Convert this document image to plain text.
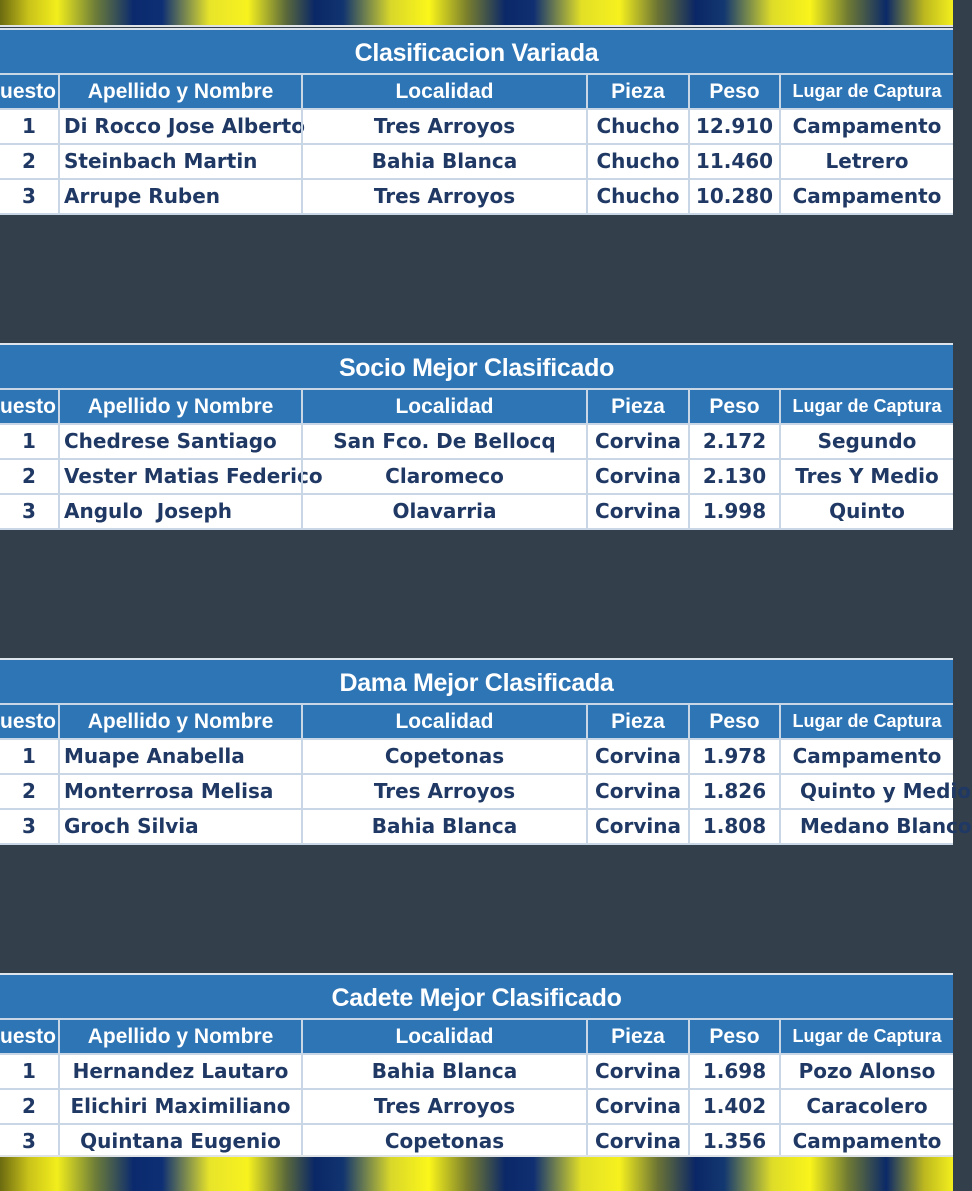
Clasificacion Variada
uesto	Apellido y Nombre	Localidad	Pieza	Peso	Lugar de Captura
1	Di Rocco Jose Alberto	Tres Arroyos	Chucho 12.910 Campamento
2	Steinbach Martin	Bahia Blanca	Chucho 11.460	Letrero
3	Arrupe Ruben	Tres Arroyos	Chucho 10.280 Campamento
Socio Mejor Clasificado
uesto	Apellido y Nombre	Localidad	Pieza	Peso	Lugar de Captura
1	Chedrese Santiago	San Fco. De Bellocq	Corvina	2.172	Segundo
2	Vester Matias Federico	Claromeco	Corvina	2.130	Tres Y Medio
3	Angulo  Joseph	Olavarria	Corvina	1.998	Quinto
Dama Mejor Clasificada
uesto	Apellido y Nombre	Localidad	Pieza	Peso	Lugar de Captura
1	Muape Anabella	Copetonas	Corvina	1.978	Campamento
2	Monterrosa Melisa	Tres Arroyos	Corvina	1.826	Quinto y Medio
3	Groch Silvia	Bahia Blanca	Corvina	1.808	Medano Blanco
Cadete Mejor Clasificado
uesto	Apellido y Nombre	Localidad	Pieza	Peso	Lugar de Captura
1	Hernandez Lautaro	Bahia Blanca	Corvina	1.698	Pozo Alonso
2	Elichiri Maximiliano	Tres Arroyos	Corvina	1.402	Caracolero
3	Quintana Eugenio	Copetonas	Corvina	1.356	Campamento
